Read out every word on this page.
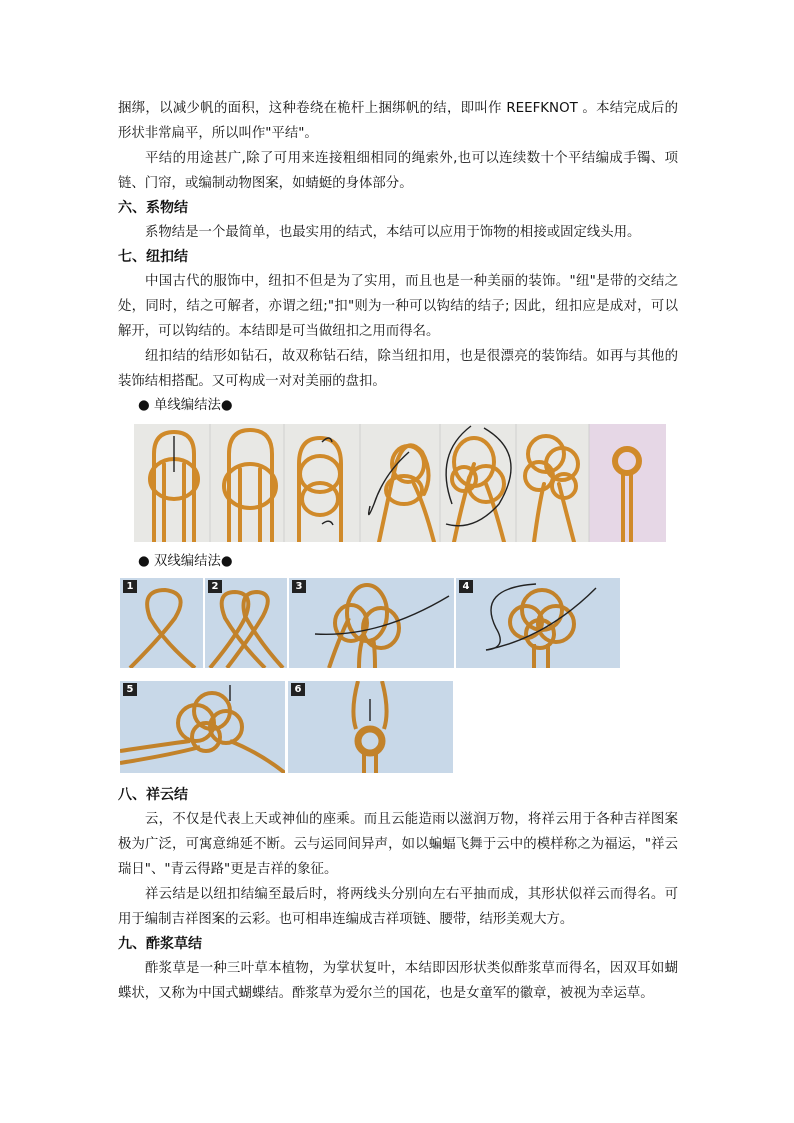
捆绑，以减少帆的面积，这种卷绕在桅杆上捆绑帆的结，即叫作 REEFKNOT 。本结完成后的形状非常扁平，所以叫作"平结"。

平结的用途甚广,除了可用来连接粗细相同的绳索外,也可以连续数十个平结编成手镯、项链、门帘，或编制动物图案，如蜻蜓的身体部分。

六、系物结

系物结是一个最简单，也最实用的结式，本结可以应用于饰物的相接或固定线头用。

七、纽扣结

中国古代的服饰中，纽扣不但是为了实用，而且也是一种美丽的装饰。"纽"是带的交结之处，同时，结之可解者，亦谓之纽;"扣"则为一种可以钩结的结子; 因此，纽扣应是成对，可以解开，可以钩结的。本结即是可当做纽扣之用而得名。

纽扣结的结形如钻石，故双称钻石结，除当纽扣用，也是很漂亮的装饰结。如再与其他的装饰结相搭配。又可构成一对对美丽的盘扣。

● 单线编结法●
● 双线编结法●
1	2	3	4
5	6
八、祥云结

云，不仅是代表上天或神仙的座乘。而且云能造雨以滋润万物，将祥云用于各种吉祥图案极为广泛，可寓意绵延不断。云与运同间异声，如以蝙蝠飞舞于云中的模样称之为福运，"祥云瑞日"、"青云得路"更是吉祥的象征。

祥云结是以纽扣结编至最后时，将两线头分别向左右平抽而成，其形状似祥云而得名。可用于编制吉祥图案的云彩。也可相串连编成吉祥项链、腰带，结形美观大方。

九、酢浆草结

酢浆草是一种三叶草本植物，为掌状复叶，本结即因形状类似酢浆草而得名，因双耳如蝴蝶状，又称为中国式蝴蝶结。酢浆草为爱尔兰的国花，也是女童军的徽章，被视为幸运草。
